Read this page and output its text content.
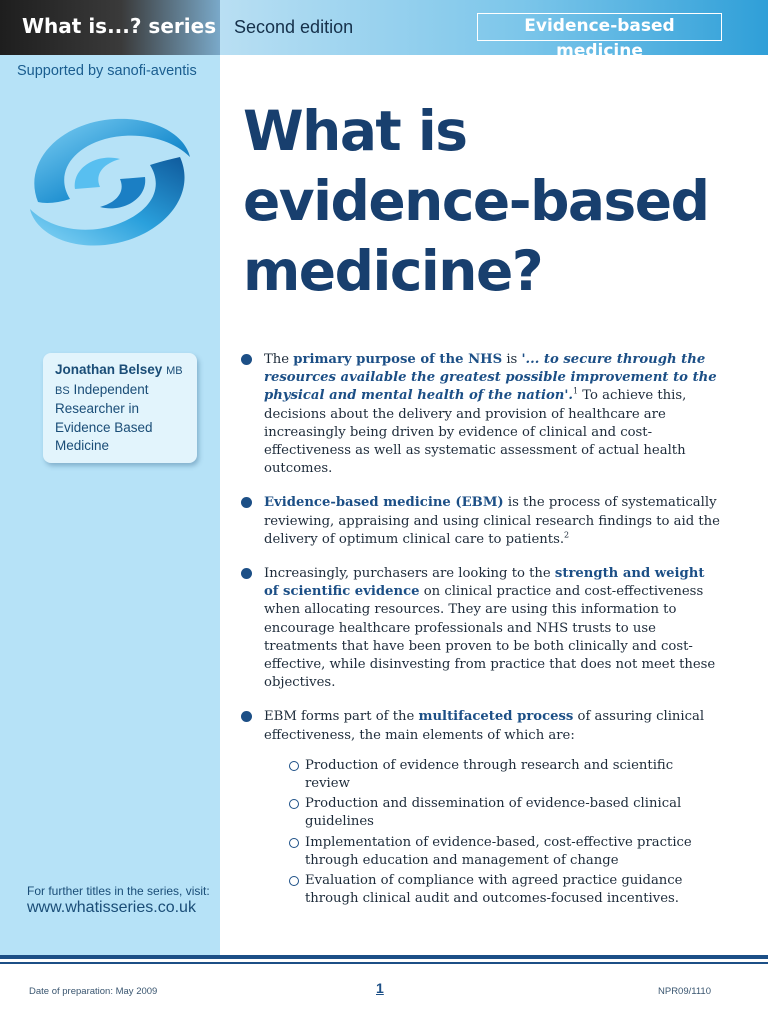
What is...? series Second edition	Evidence-based medicine
Supported by sanofi-aventis
Jonathan Belsey MB BS Independent Researcher in Evidence Based Medicine
For further titles in the series, visit:
www.whatisseries.co.uk
What is
evidence-based
medicine?
The primary purpose of the NHS is '... to secure through the resources available the greatest possible improvement to the physical and mental health of the nation'.$^1$ To achieve this, decisions about the delivery and provision of healthcare are increasingly being driven by evidence of clinical and cost-effectiveness as well as systematic assessment of actual health outcomes.
Evidence-based medicine (EBM) is the process of systematically reviewing, appraising and using clinical research findings to aid the delivery of optimum clinical care to patients.$^2$
Increasingly, purchasers are looking to the strength and weight of scientific evidence on clinical practice and cost-effectiveness when allocating resources. They are using this information to encourage healthcare professionals and NHS trusts to use treatments that have been proven to be both clinically and cost-effective, while disinvesting from practice that does not meet these objectives.
EBM forms part of the multifaceted process of assuring clinical effectiveness, the main elements of which are:
Production of evidence through research and scientific review
Production and dissemination of evidence-based clinical guidelines
Implementation of evidence-based, cost-effective practice through education and management of change
Evaluation of compliance with agreed practice guidance through clinical audit and outcomes-focused incentives.
Date of preparation: May 2009	1	NPR09/1110
